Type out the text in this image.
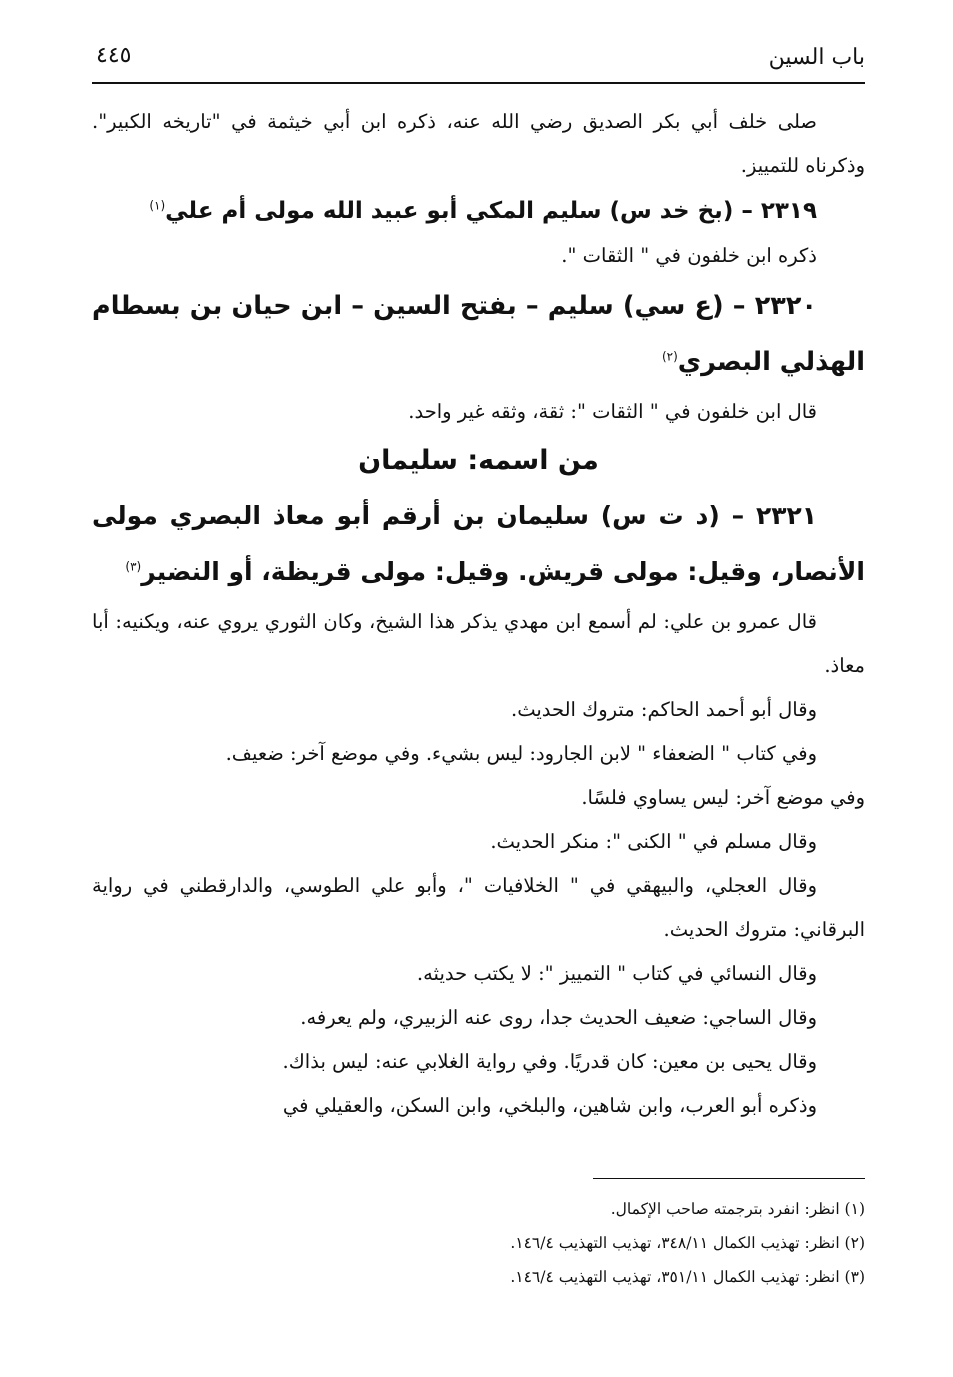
باب السين
٤٤٥

صلى خلف أبي بكر الصديق رضي الله عنه، ذكره ابن أبي خيثمة في "تاريخه الكبير". وذكرناه للتمييز.

٢٣١٩ – (بخ خد س) سليم المكي أبو عبيد الله مولى أم علي$^{(١)}$

ذكره ابن خلفون في " الثقات ".

٢٣٢٠ – (ع سي) سليم – بفتح السين – ابن حيان بن بسطام الهذلي البصري$^{(٢)}$

قال ابن خلفون في " الثقات ": ثقة، وثقه غير واحد.

من اسمه: سليمان

٢٣٢١ – (د ت س) سليمان بن أرقم أبو معاذ البصري مولى الأنصار، وقيل: مولى قريش. وقيل: مولى قريظة، أو النضير$^{(٣)}$

قال عمرو بن علي: لم أسمع ابن مهدي يذكر هذا الشيخ، وكان الثوري يروي عنه، ويكنيه: أبا معاذ.

وقال أبو أحمد الحاكم: متروك الحديث.

وفي كتاب " الضعفاء " لابن الجارود: ليس بشيء. وفي موضع آخر: ضعيف.

وفي موضع آخر: ليس يساوي فلسًا.

وقال مسلم في " الكنى ": منكر الحديث.

وقال العجلي، والبيهقي في " الخلافيات "، وأبو علي الطوسي، والدارقطني في رواية البرقاني: متروك الحديث.

وقال النسائي في كتاب " التمييز ": لا يكتب حديثه.

وقال الساجي: ضعيف الحديث جدا، روى عنه الزبيري، ولم يعرفه.

وقال يحيى بن معين: كان قدريًا. وفي رواية الغلابي عنه: ليس بذاك.

وذكره أبو العرب، وابن شاهين، والبلخي، وابن السكن، والعقيلي في

(١) انظر: انفرد بترجمته صاحب الإكمال.

(٢) انظر: تهذيب الكمال ٣٤٨/١١، تهذيب التهذيب ١٤٦/٤.

(٣) انظر: تهذيب الكمال ٣٥١/١١، تهذيب التهذيب ١٤٦/٤.
